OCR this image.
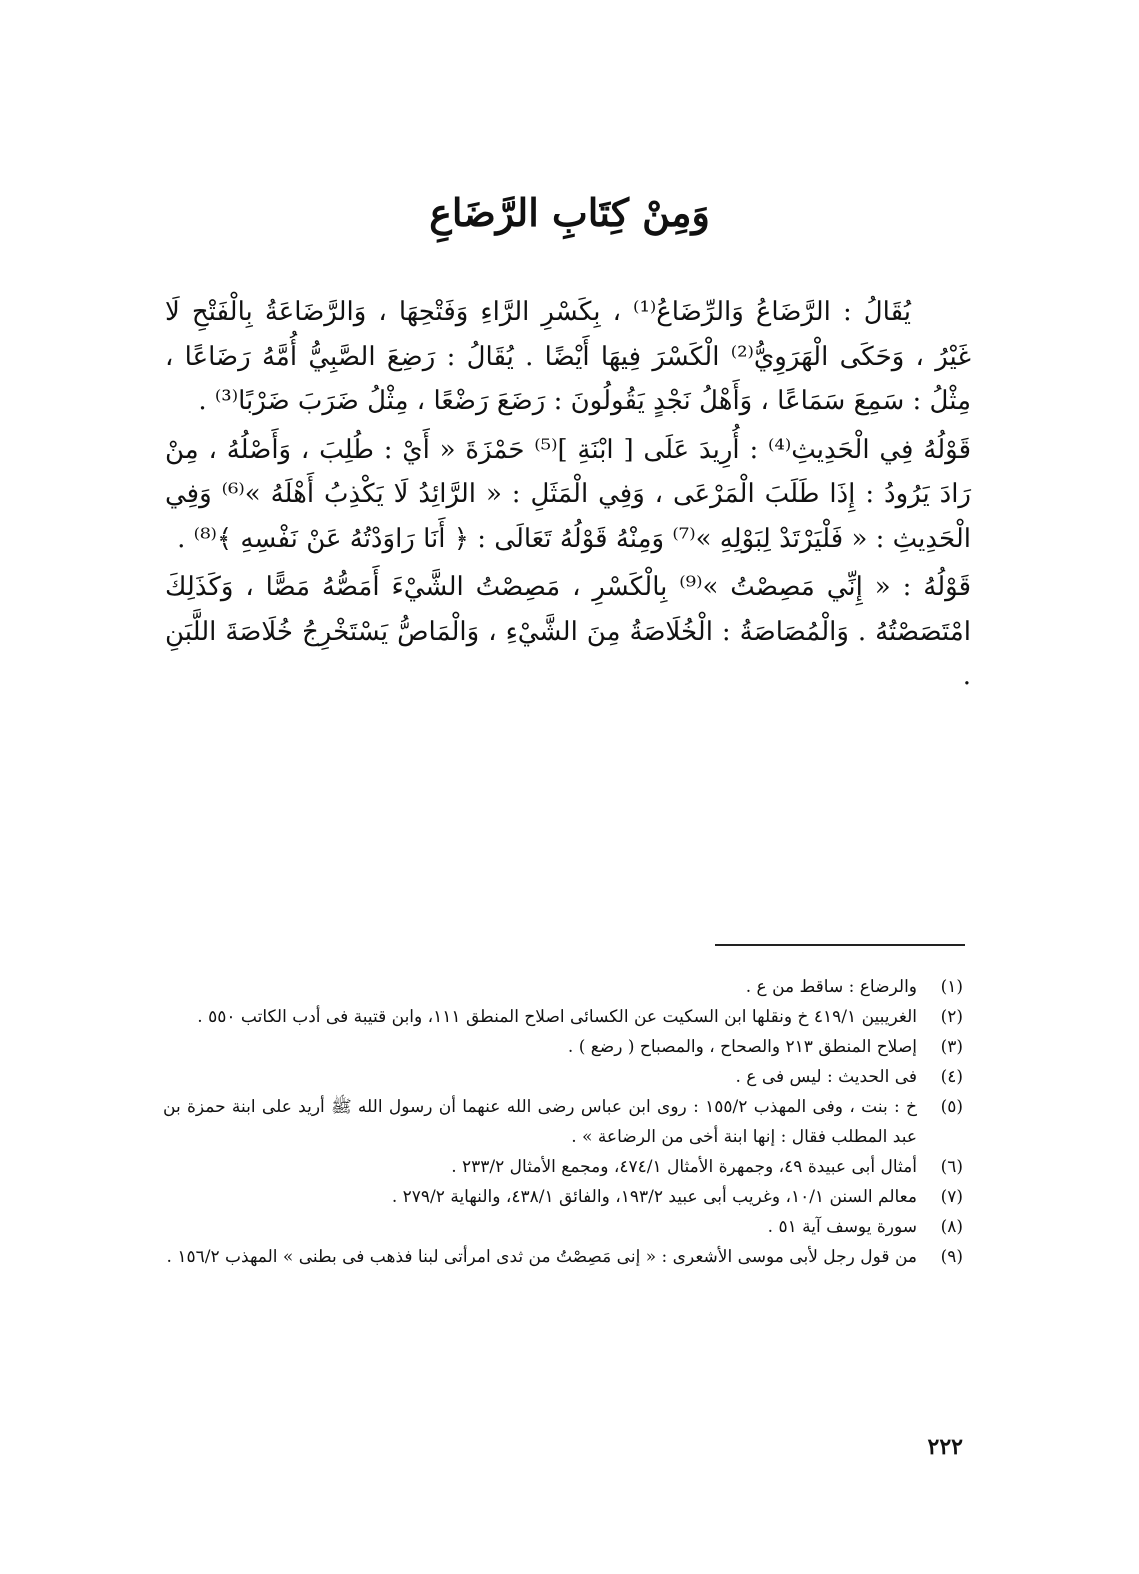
وَمِنْ كِتَابِ الرَّضَاعِ

يُقَالُ : الرَّضَاعُ وَالرِّضَاعُ⁽¹⁾ ، بِكَسْرِ الرَّاءِ وَفَتْحِهَا ، وَالرَّضَاعَةُ بِالْفَتْحِ لَا غَيْرُ ، وَحَكَى الْهَرَوِيُّ⁽²⁾ الْكَسْرَ فِيهَا أَيْضًا . يُقَالُ : رَضِعَ الصَّبِيُّ أُمَّهُ رَضَاعًا ، مِثْلُ : سَمِعَ سَمَاعًا ، وَأَهْلُ نَجْدٍ يَقُولُونَ : رَضَعَ رَضْعًا ، مِثْلُ ضَرَبَ ضَرْبًا⁽³⁾ .

قَوْلُهُ فِي الْحَدِيثِ⁽⁴⁾ : أُرِيدَ عَلَى [ ابْنَةِ ]⁽⁵⁾ حَمْزَةَ « أَيْ : طُلِبَ ، وَأَصْلُهُ ، مِنْ رَادَ يَرُودُ : إِذَا طَلَبَ الْمَرْعَى ، وَفِي الْمَثَلِ : « الرَّائِدُ لَا يَكْذِبُ أَهْلَهُ »⁽⁶⁾ وَفِي الْحَدِيثِ : « فَلْيَرْتَدْ لِبَوْلِهِ »⁽⁷⁾ وَمِنْهُ قَوْلُهُ تَعَالَى : ﴿ أَنَا رَاوَدْتُهُ عَنْ نَفْسِهِ ﴾⁽⁸⁾ .

قَوْلُهُ : « إِنِّي مَصِصْتُ »⁽⁹⁾ بِالْكَسْرِ ، مَصِصْتُ الشَّيْءَ أَمَصُّهُ مَصًّا ، وَكَذَلِكَ امْتَصَصْتُهُ . وَالْمُصَاصَةُ : الْخُلَاصَةُ مِنَ الشَّيْءِ ، وَالْمَاصُّ يَسْتَخْرِجُ خُلَاصَةَ اللَّبَنِ .

(١)
والرضاع : ساقط من ع .
(٢)
الغريبين ٤١٩/١ خ ونقلها ابن السكيت عن الكسائى اصلاح المنطق ١١١، وابن قتيبة فى أدب الكاتب ٥٥٠ .
(٣)
إصلاح المنطق ٢١٣ والصحاح ، والمصباح ( رضع ) .
(٤)
فى الحديث : ليس فى ع .
(٥)
خ : بنت ، وفى المهذب ١٥٥/٢ : روى ابن عباس رضى الله عنهما أن رسول الله ﷺ أريد على ابنة حمزة بن عبد المطلب فقال : إنها ابنة أخى من الرضاعة » .
(٦)
أمثال أبى عبيدة ٤٩، وجمهرة الأمثال ٤٧٤/١، ومجمع الأمثال ٢٣٣/٢ .
(٧)
معالم السنن ١٠/١، وغريب أبى عبيد ١٩٣/٢، والفائق ٤٣٨/١، والنهاية ٢٧٩/٢ .
(٨)
سورة يوسف آية ٥١ .
(٩)
من قول رجل لأبى موسى الأشعرى : « إنى مَصِصْتُ من ثدى امرأتى لبنا فذهب فى بطنى » المهذب ١٥٦/٢ .
٢٢٢
